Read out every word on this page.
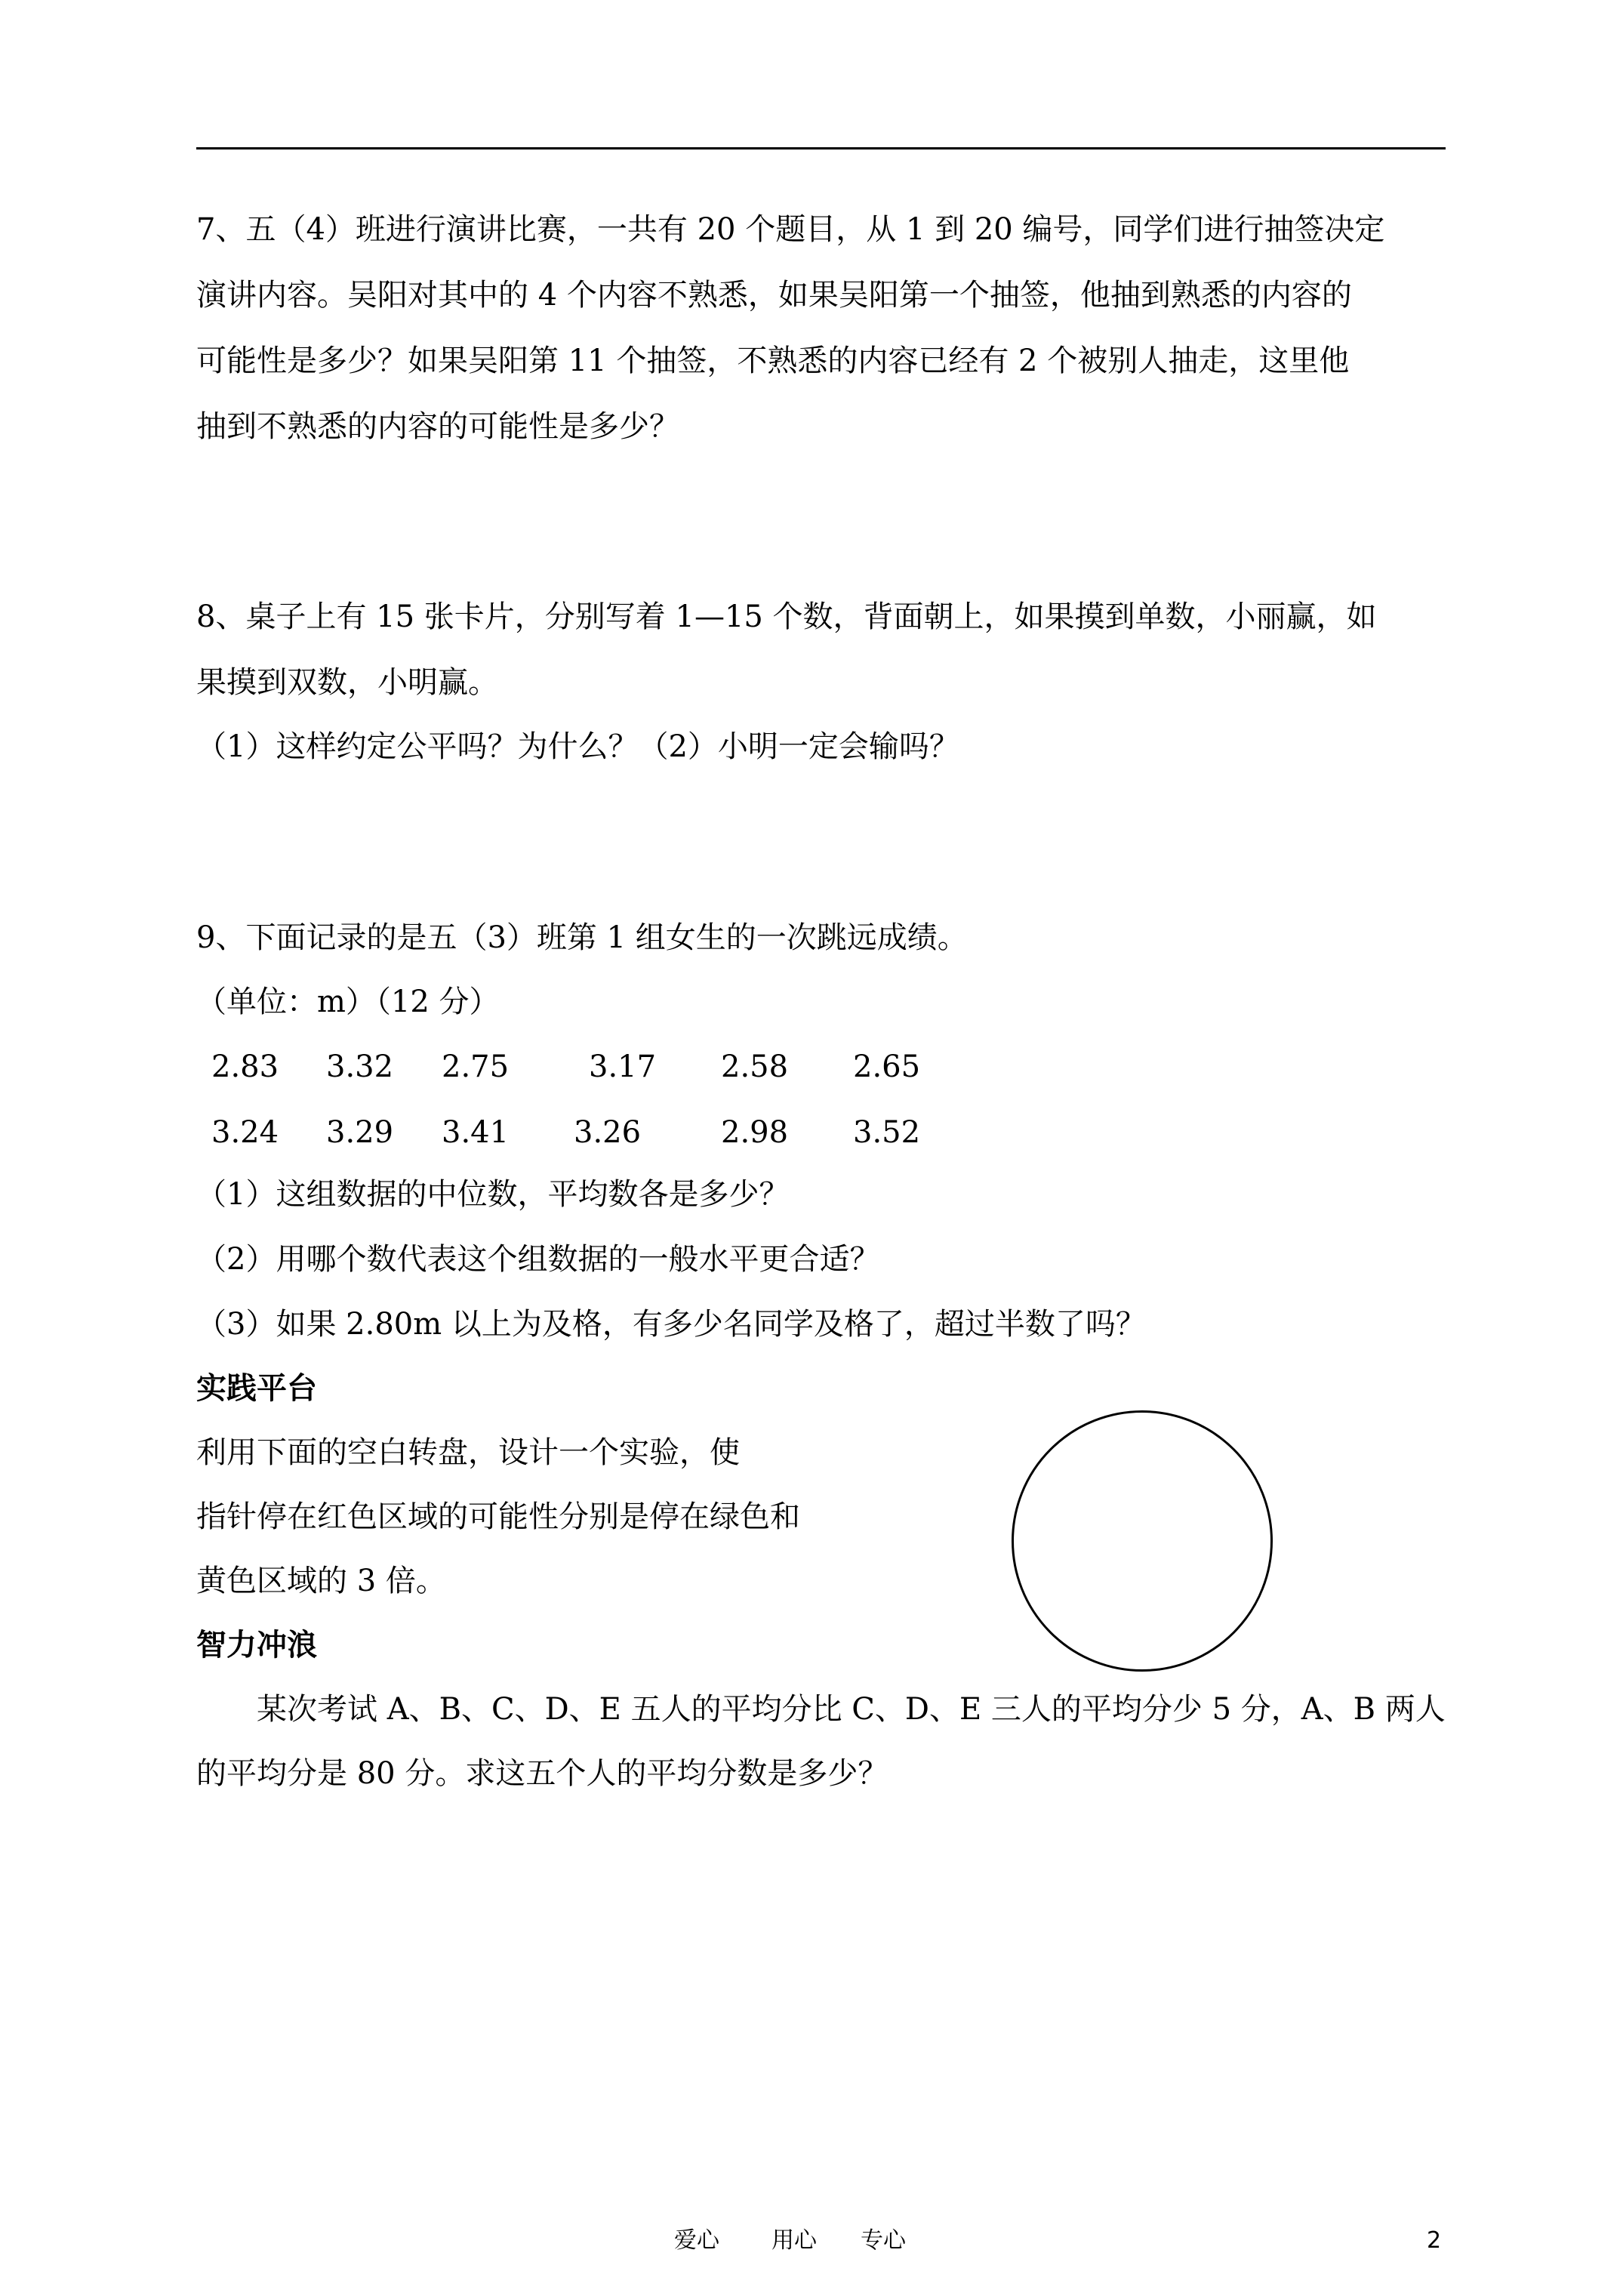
7、五（4）班进行演讲比赛，一共有 20 个题目，从 1 到 20 编号，同学们进行抽签决定
演讲内容。吴阳对其中的 4 个内容不熟悉，如果吴阳第一个抽签，他抽到熟悉的内容的
可能性是多少？如果吴阳第 11 个抽签，不熟悉的内容已经有 2 个被别人抽走，这里他
抽到不熟悉的内容的可能性是多少？
8、桌子上有 15 张卡片，分别写着 1—15 个数，背面朝上，如果摸到单数，小丽赢，如
果摸到双数，小明赢。
（1）这样约定公平吗？为什么？（2）小明一定会输吗？
9、下面记录的是五（3）班第 1 组女生的一次跳远成绩。
（单位：m）（12 分）
2.83 3.32 2.75	3.17 2.58 2.65
3.24 3.29 3.41 3.26	2.98 3.52
（1）这组数据的中位数，平均数各是多少？
（2）用哪个数代表这个组数据的一般水平更合适？
（3）如果 2.80m 以上为及格，有多少名同学及格了，超过半数了吗？
实践平台
利用下面的空白转盘，设计一个实验，使
指针停在红色区域的可能性分别是停在绿色和
黄色区域的 3 倍。
智力冲浪
　　某次考试 A、B、C、D、E 五人的平均分比 C、D、E 三人的平均分少 5 分，A、B 两人
的平均分是 80 分。求这五个人的平均分数是多少？
爱心 用心 专心	2
